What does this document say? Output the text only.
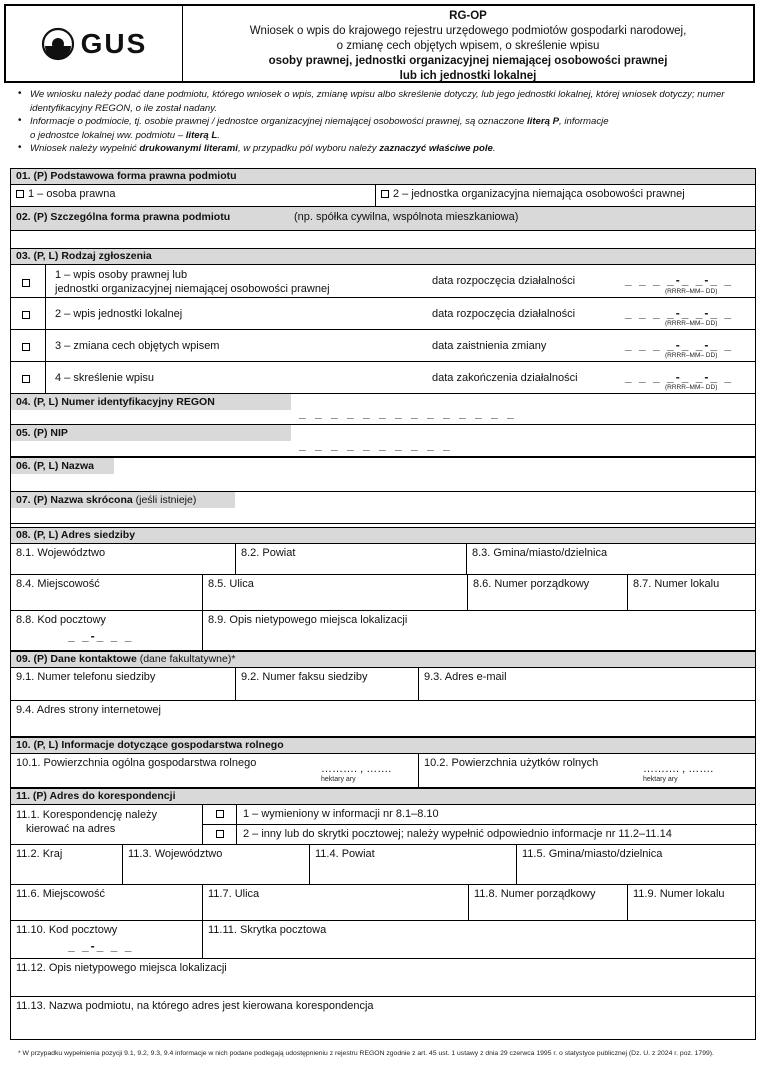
GUS
RG-OP
Wniosek o wpis do krajowego rejestru urzędowego podmiotów gospodarki narodowej,
o zmianę cech objętych wpisem, o skreślenie wpisu
osoby prawnej, jednostki organizacyjnej niemającej osobowości prawnej
lub ich jednostki lokalnej
• We wniosku należy podać dane podmiotu, którego wniosek o wpis, zmianę wpisu albo skreślenie dotyczy, lub jego jednostki lokalnej, której wniosek dotyczy; numer identyfikacyjny REGON, o ile został nadany.
• Informacje o podmiocie, tj. osobie prawnej / jednostce organizacyjnej niemającej osobowości prawnej, są oznaczone literą P, informacje
o jednostce lokalnej ww. podmiotu – literą L.
• Wniosek należy wypełnić drukowanymi literami, w przypadku pól wyboru należy zaznaczyć właściwe pole.
01. (P) Podstawowa forma prawna podmiotu
1 – osoba prawna	2 – jednostka organizacyjna niemająca osobowości prawnej
02. (P) Szczególna forma prawna podmiotu	(np. spółka cywilna, wspólnota mieszkaniowa)
03. (P, L) Rodzaj zgłoszenia
1 – wpis osoby prawnej lub
jednostki organizacyjnej niemającej osobowości prawnej
data rozpoczęcia działalności	_ _ _ _-_ _-_ _
(RRRR–MM– DD)
2 – wpis jednostki lokalnej	data rozpoczęcia działalności	_ _ _ _-_ _-_ _
(RRRR–MM– DD)
3 – zmiana cech objętych wpisem	data zaistnienia zmiany	_ _ _ _-_ _-_ _
(RRRR–MM– DD)
4 – skreślenie wpisu	data zakończenia działalności	_ _ _ _-_ _-_ _
(RRRR–MM– DD)
04. (P, L) Numer identyfikacyjny REGON
_ _ _ _ _ _ _ _ _ _ _ _ _ _
05. (P) NIP
_ _ _ _ _ _ _ _ _ _
06. (P, L) Nazwa
07. (P) Nazwa skrócona (jeśli istnieje)
08. (P, L) Adres siedziby
8.1. Województwo	8.2. Powiat	8.3. Gmina/miasto/dzielnica
8.4. Miejscowość	8.5. Ulica	8.6. Numer porządkowy	8.7. Numer lokalu
8.8. Kod pocztowy
_ _-_ _ _
8.9. Opis nietypowego miejsca lokalizacji
09. (P) Dane kontaktowe (dane fakultatywne)*
9.1. Numer telefonu siedziby	9.2. Numer faksu siedziby	9.3. Adres e-mail
9.4. Adres strony internetowej
10. (P, L) Informacje dotyczące gospodarstwa rolnego
10.1. Powierzchnia ogólna gospodarstwa rolnego	………. , …….
hektary ary
10.2. Powierzchnia użytków rolnych	………. , …….
hektary ary
11. (P) Adres do korespondencji
11.1. Korespondencję należy
kierować na adres
1 – wymieniony w informacji nr 8.1–8.10
2 – inny lub do skrytki pocztowej; należy wypełnić odpowiednio informacje nr 11.2–11.14
11.2. Kraj	11.3. Województwo	11.4. Powiat	11.5. Gmina/miasto/dzielnica
11.6. Miejscowość	11.7. Ulica	11.8. Numer porządkowy	11.9. Numer lokalu
11.10. Kod pocztowy
_ _-_ _ _
11.11. Skrytka pocztowa
11.12. Opis nietypowego miejsca lokalizacji
11.13. Nazwa podmiotu, na którego adres jest kierowana korespondencja
* W przypadku wypełnienia pozycji 9.1, 9.2, 9.3, 9.4 informacje w nich podane podlegają udostępnieniu z rejestru REGON zgodnie z art. 45 ust. 1 ustawy z dnia 29 czerwca 1995 r. o statystyce publicznej (Dz. U. z 2024 r. poz. 1799).
